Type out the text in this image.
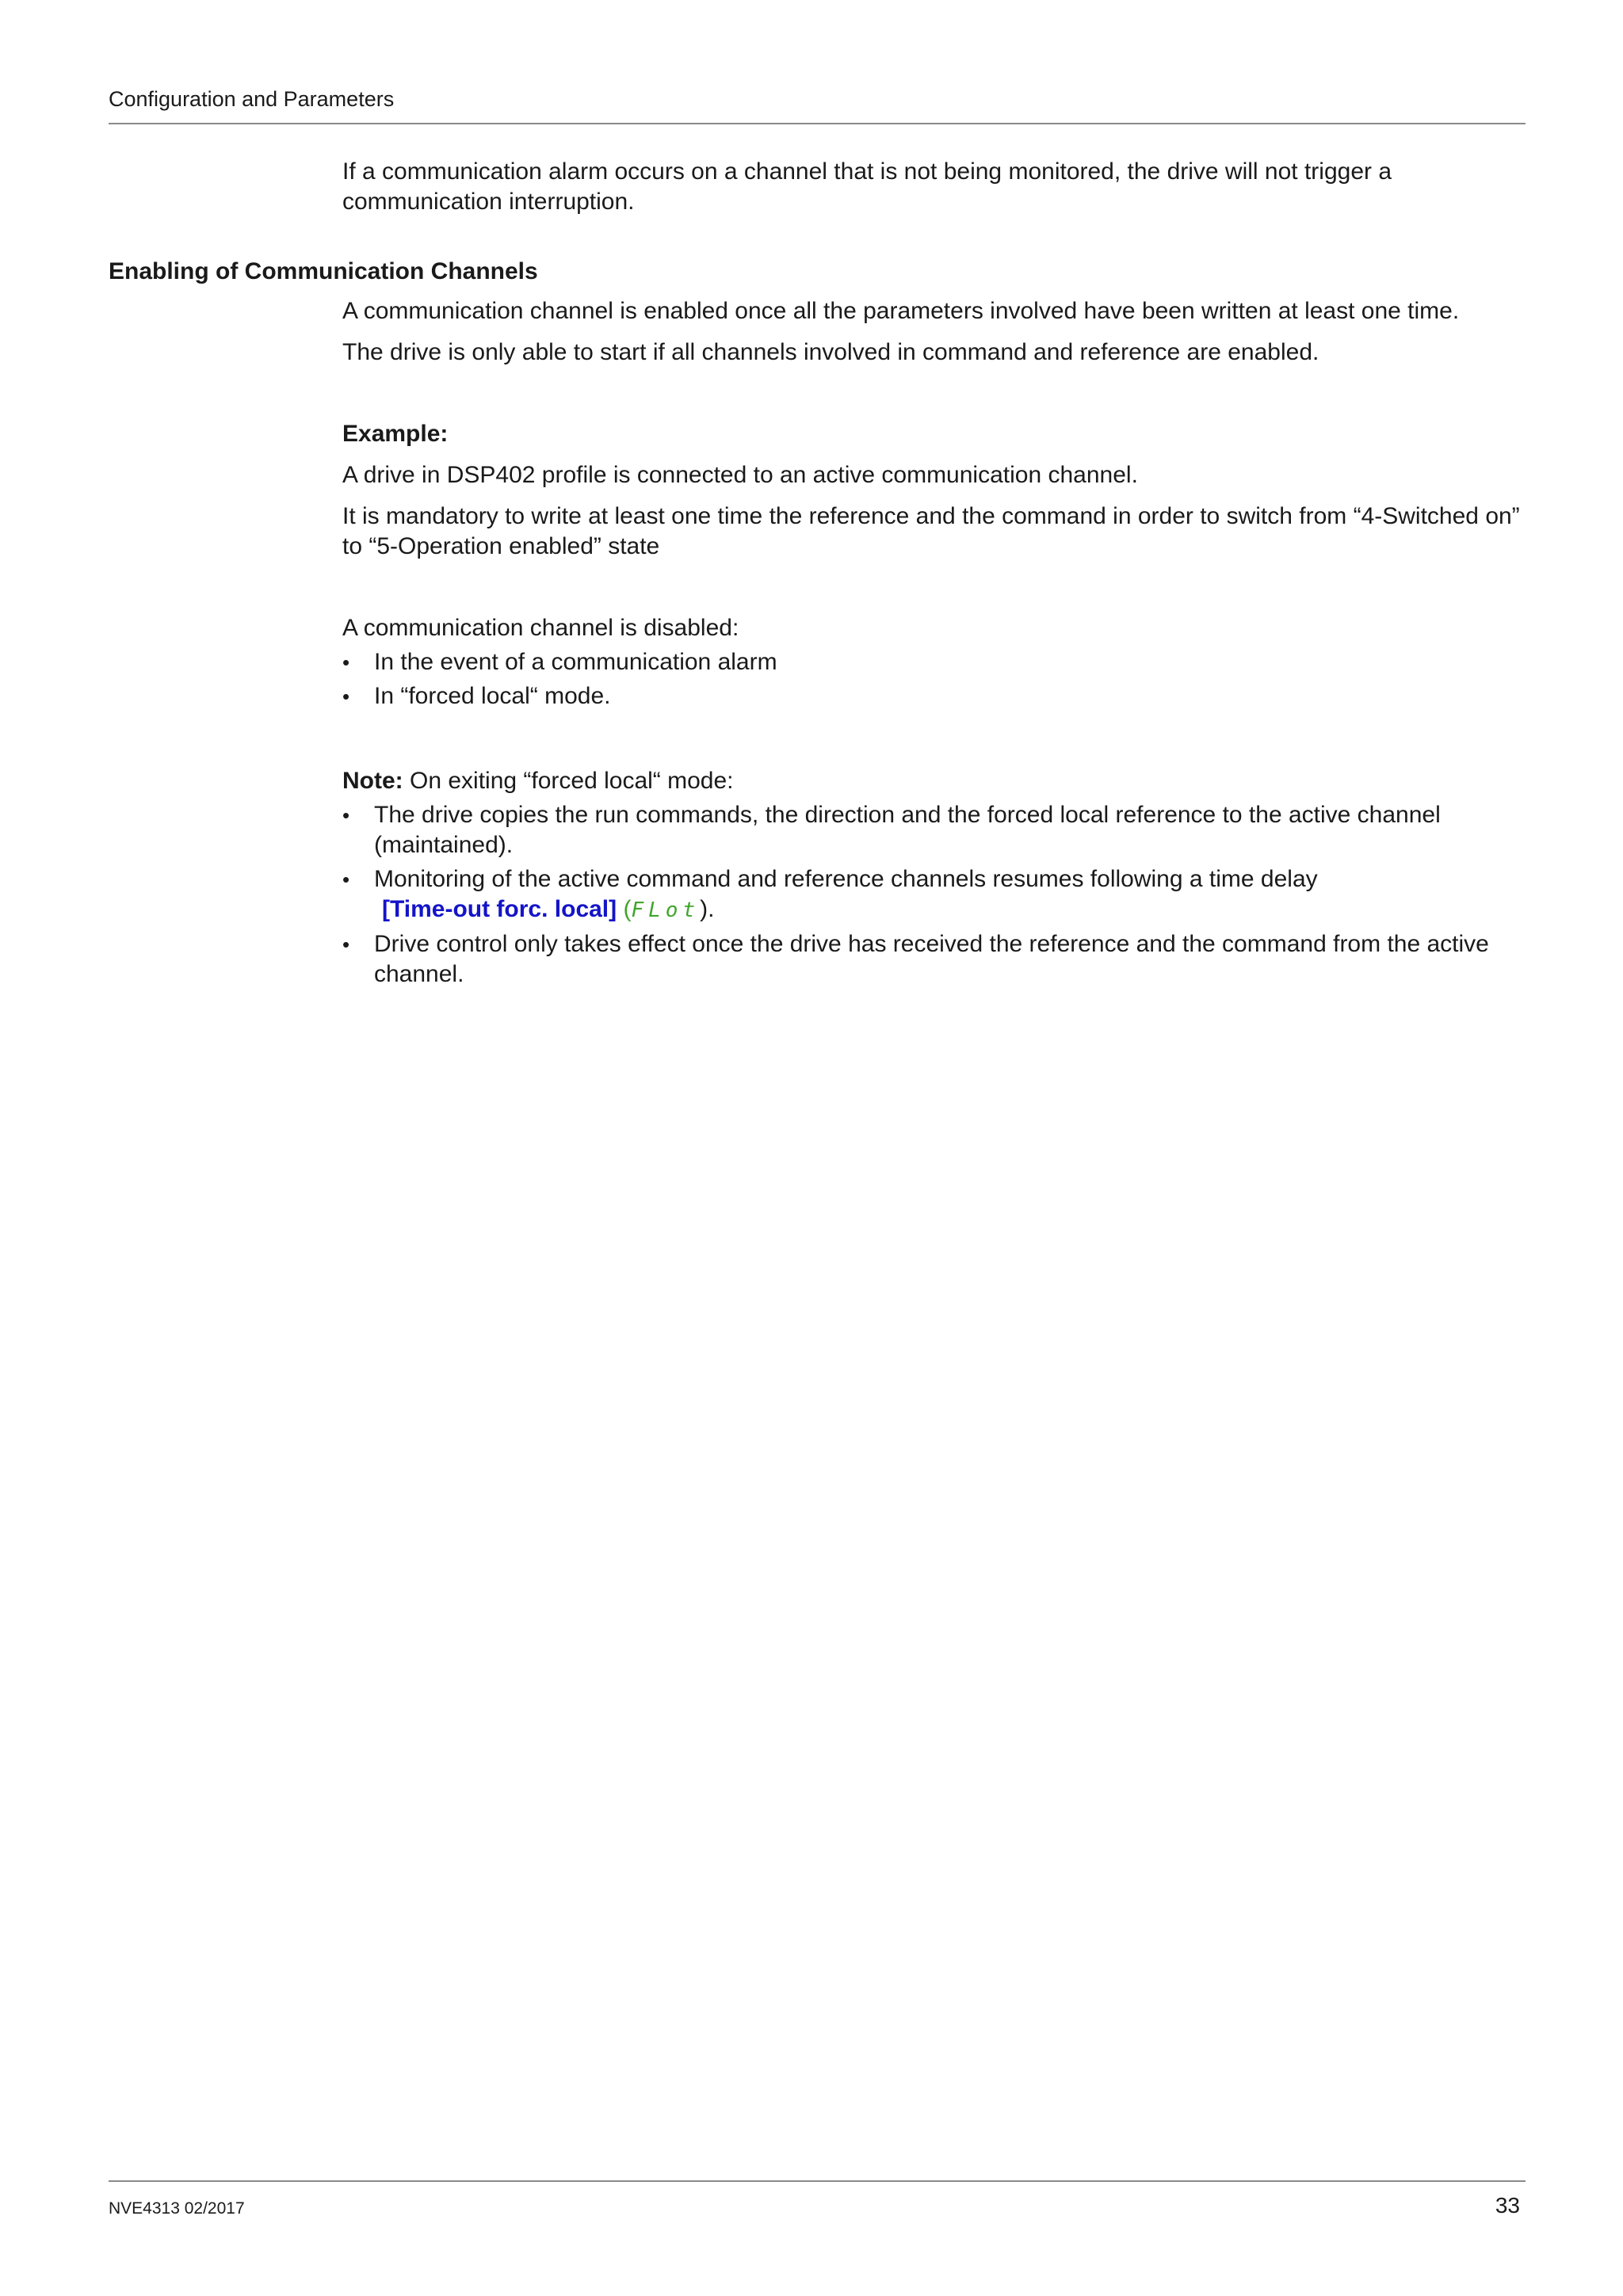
Configuration and Parameters

If a communication alarm occurs on a channel that is not being monitored, the drive will not trigger a communication interruption.

Enabling of Communication Channels

A communication channel is enabled once all the parameters involved have been written at least one time.

The drive is only able to start if all channels involved in command and reference are enabled.

Example:

A drive in DSP402 profile is connected to an active communication channel.

It is mandatory to write at least one time the reference and the command in order to switch from “4-Switched on” to “5-Operation enabled” state

A communication channel is disabled:

• In the event of a communication alarm
• In “forced local“ mode.

Note: On exiting “forced local“ mode:

• The drive copies the run commands, the direction and the forced local reference to the active channel (maintained).
• Monitoring of the active command and reference channels resumes following a time delay
[Time-out forc. local] (FLot).
• Drive control only takes effect once the drive has received the reference and the command from the active channel.
NVE4313 02/2017	33
